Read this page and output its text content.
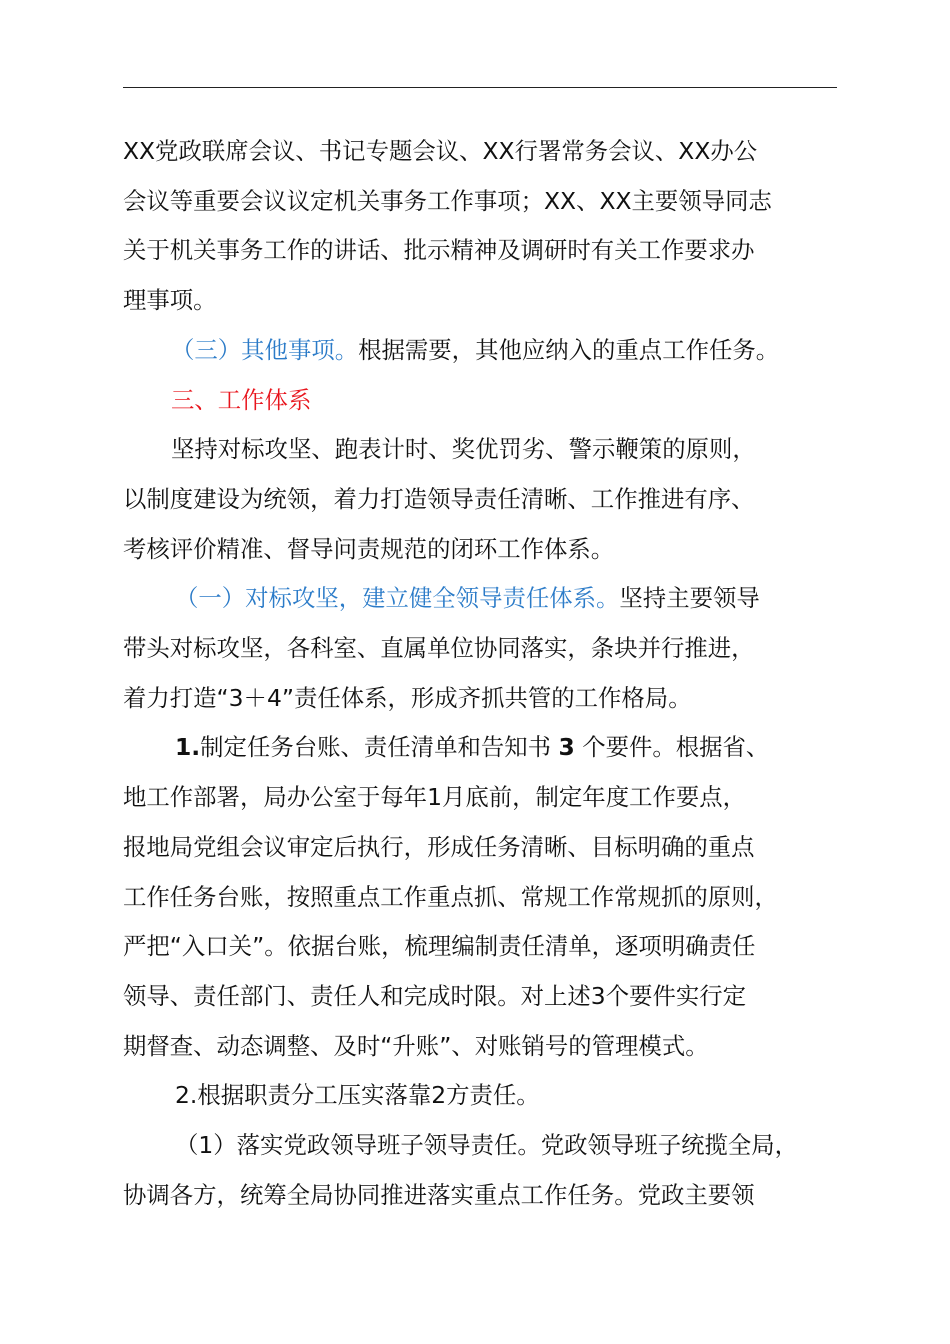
XX党政联席会议、书记专题会议、XX行署常务会议、XX办公
会议等重要会议议定机关事务工作事项；XX、XX主要领导同志
关于机关事务工作的讲话、批示精神及调研时有关工作要求办
理事项。
（三）其他事项。根据需要，其他应纳入的重点工作任务。
三、工作体系
坚持对标攻坚、跑表计时、奖优罚劣、警示鞭策的原则，
以制度建设为统领，着力打造领导责任清晰、工作推进有序、
考核评价精准、督导问责规范的闭环工作体系。
（一）对标攻坚，建立健全领导责任体系。坚持主要领导
带头对标攻坚，各科室、直属单位协同落实，条块并行推进，
着力打造“3＋4”责任体系，形成齐抓共管的工作格局。
1.制定任务台账、责任清单和告知书 3 个要件。根据省、
地工作部署，局办公室于每年1月底前，制定年度工作要点，
报地局党组会议审定后执行，形成任务清晰、目标明确的重点
工作任务台账，按照重点工作重点抓、常规工作常规抓的原则，
严把“入口关”。依据台账，梳理编制责任清单，逐项明确责任
领导、责任部门、责任人和完成时限。对上述3个要件实行定
期督查、动态调整、及时“升账”、对账销号的管理模式。
2.根据职责分工压实落靠2方责任。
（1）落实党政领导班子领导责任。党政领导班子统揽全局，
协调各方，统筹全局协同推进落实重点工作任务。党政主要领
